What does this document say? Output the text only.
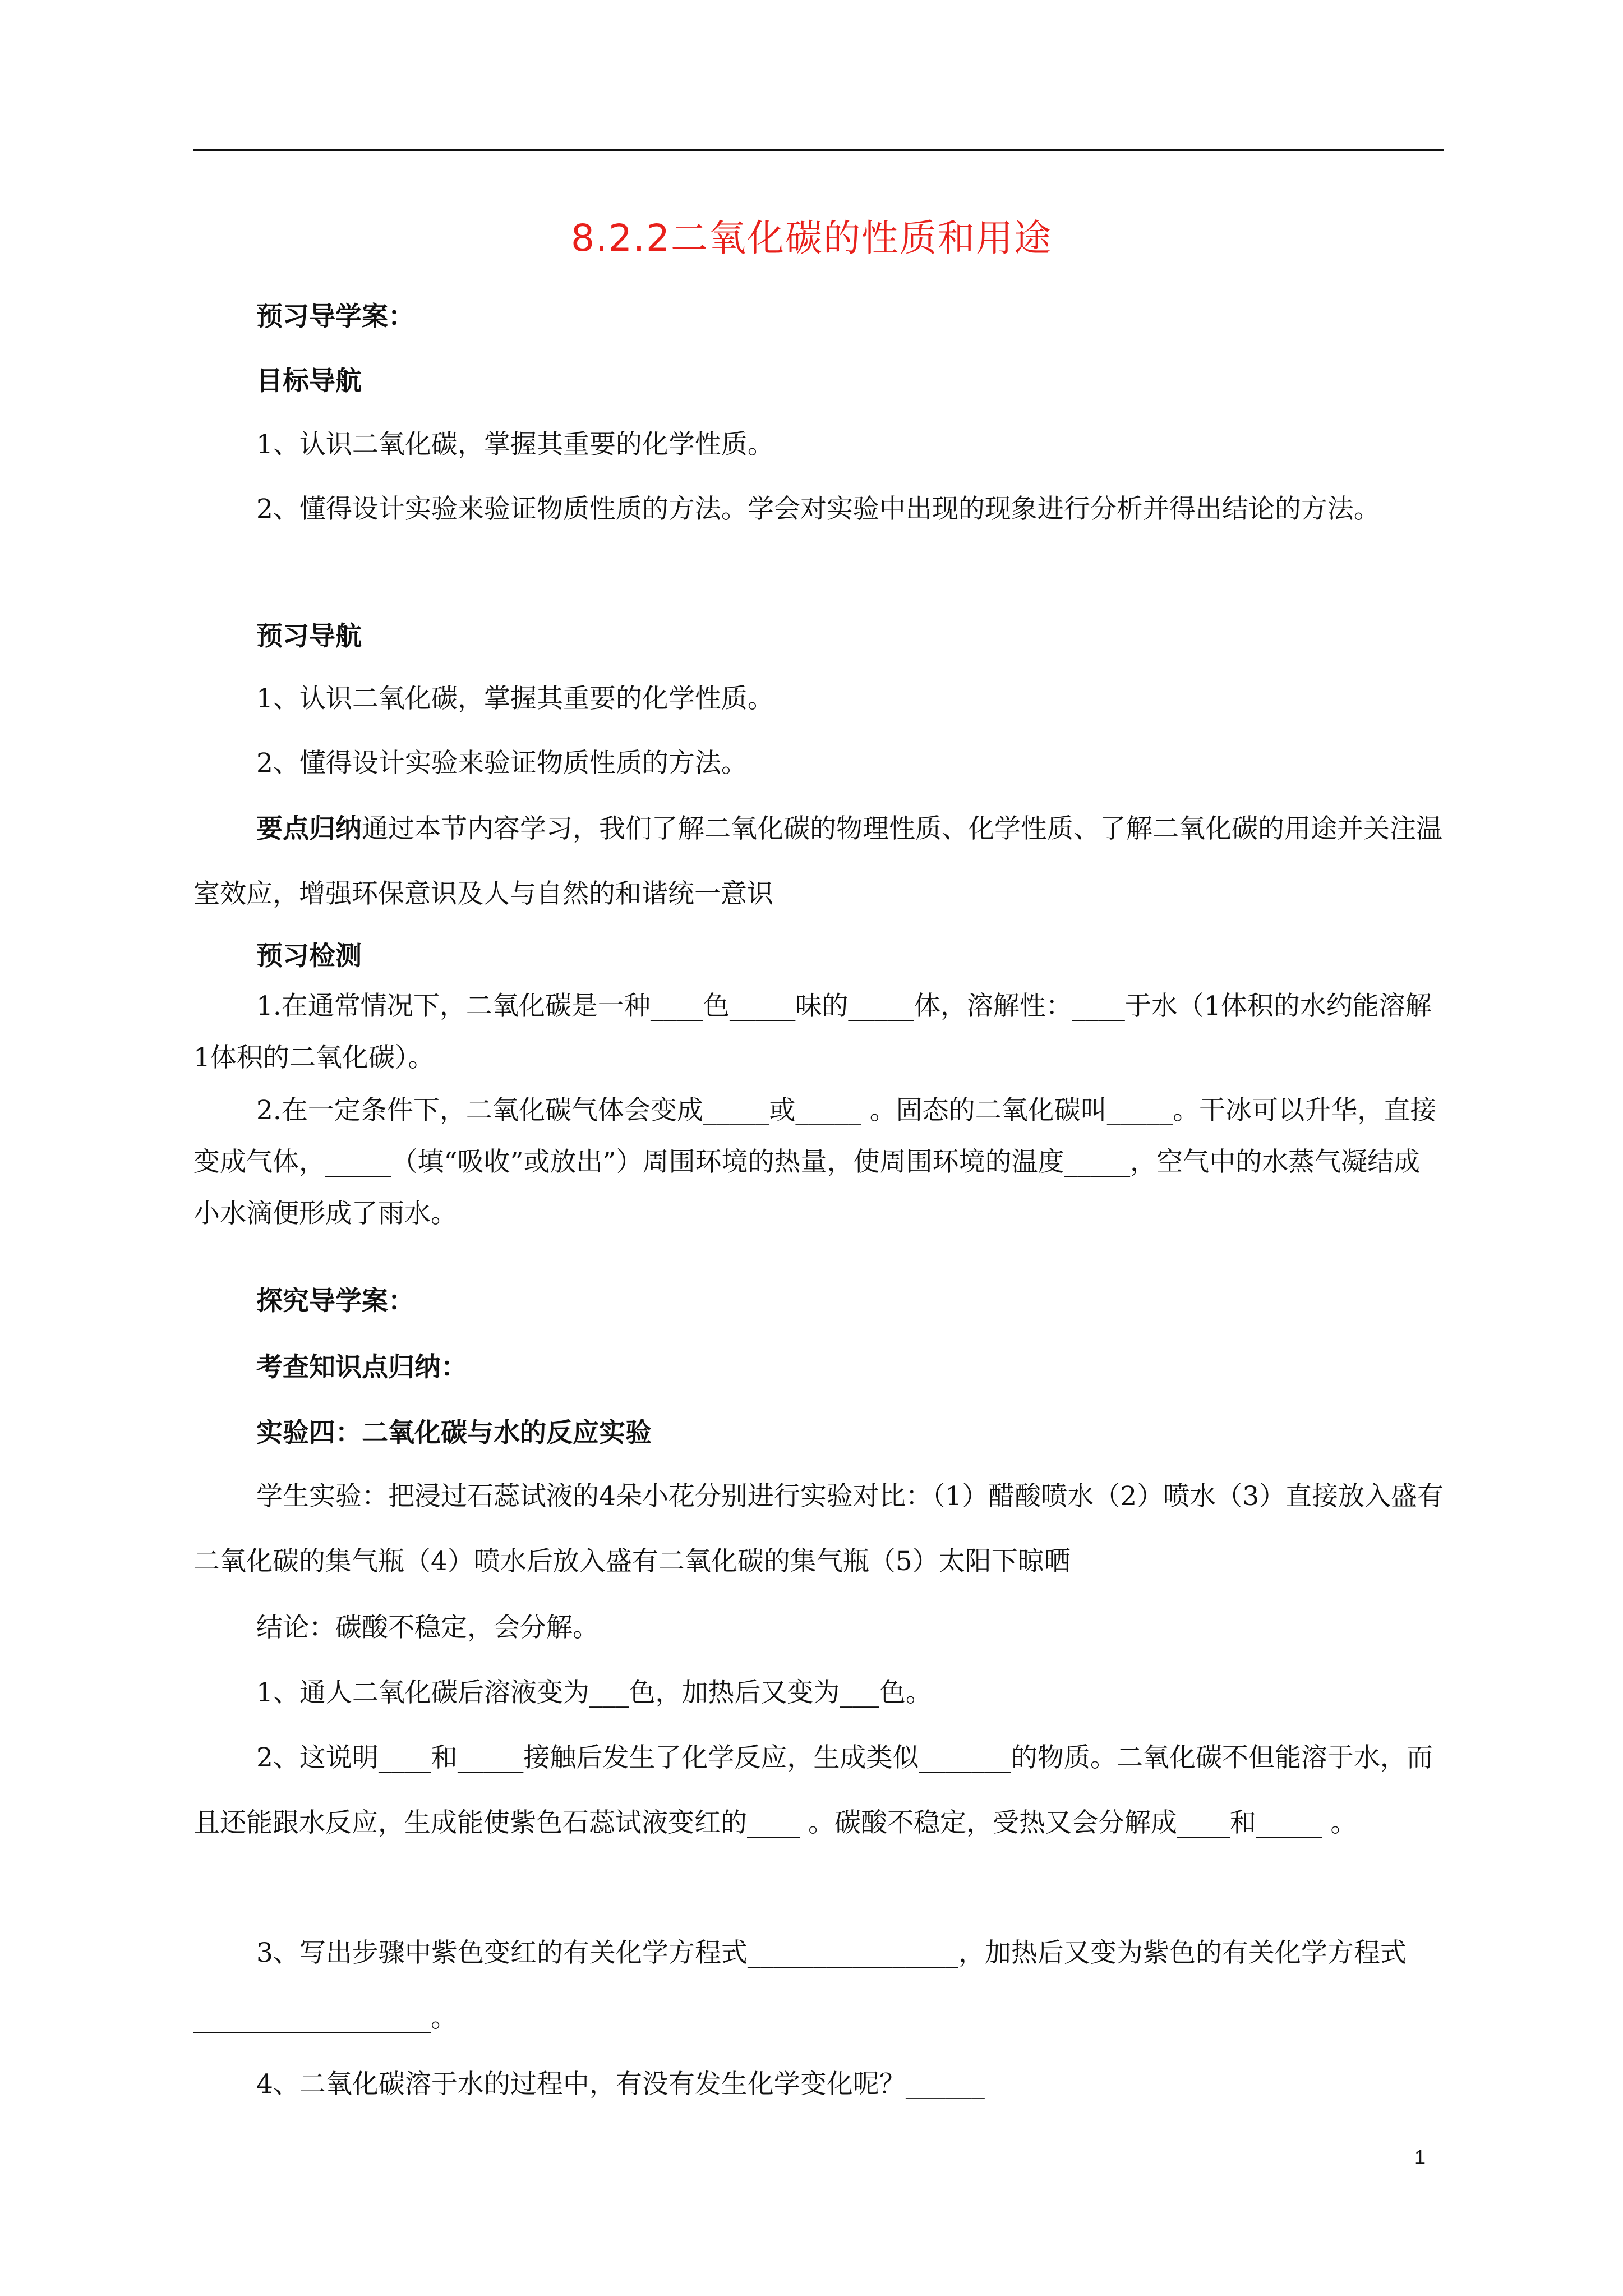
8.2.2二氧化碳的性质和用途

预习导学案：

目标导航

1、认识二氧化碳，掌握其重要的化学性质。

2、懂得设计实验来验证物质性质的方法。学会对实验中出现的现象进行分析并得出结论的方法。

预习导航

1、认识二氧化碳，掌握其重要的化学性质。

2、懂得设计实验来验证物质性质的方法。

要点归纳通过本节内容学习，我们了解二氧化碳的物理性质、化学性质、了解二氧化碳的用途并关注温室效应，增强环保意识及人与自然的和谐统一意识

预习检测

1.在通常情况下，二氧化碳是一种____色_____味的_____体，溶解性：____于水（1体积的水约能溶解1体积的二氧化碳）。

2.在一定条件下，二氧化碳气体会变成_____或_____ 。固态的二氧化碳叫_____。干冰可以升华，直接变成气体，_____（填“吸收”或放出”）周围环境的热量，使周围环境的温度_____，空气中的水蒸气凝结成小水滴便形成了雨水。

探究导学案：

考查知识点归纳：

实验四：二氧化碳与水的反应实验

学生实验：把浸过石蕊试液的4朵小花分别进行实验对比：（1）醋酸喷水（2）喷水（3）直接放入盛有二氧化碳的集气瓶（4）喷水后放入盛有二氧化碳的集气瓶（5）太阳下晾晒

结论：碳酸不稳定，会分解。

1、通人二氧化碳后溶液变为___色，加热后又变为___色。

2、这说明____和_____接触后发生了化学反应，生成类似_______的物质。二氧化碳不但能溶于水，而且还能跟水反应，生成能使紫色石蕊试液变红的____ 。碳酸不稳定，受热又会分解成____和_____ 。

3、写出步骤中紫色变红的有关化学方程式________________，加热后又变为紫色的有关化学方程式__________________。

4、二氧化碳溶于水的过程中，有没有发生化学变化呢？______

1
